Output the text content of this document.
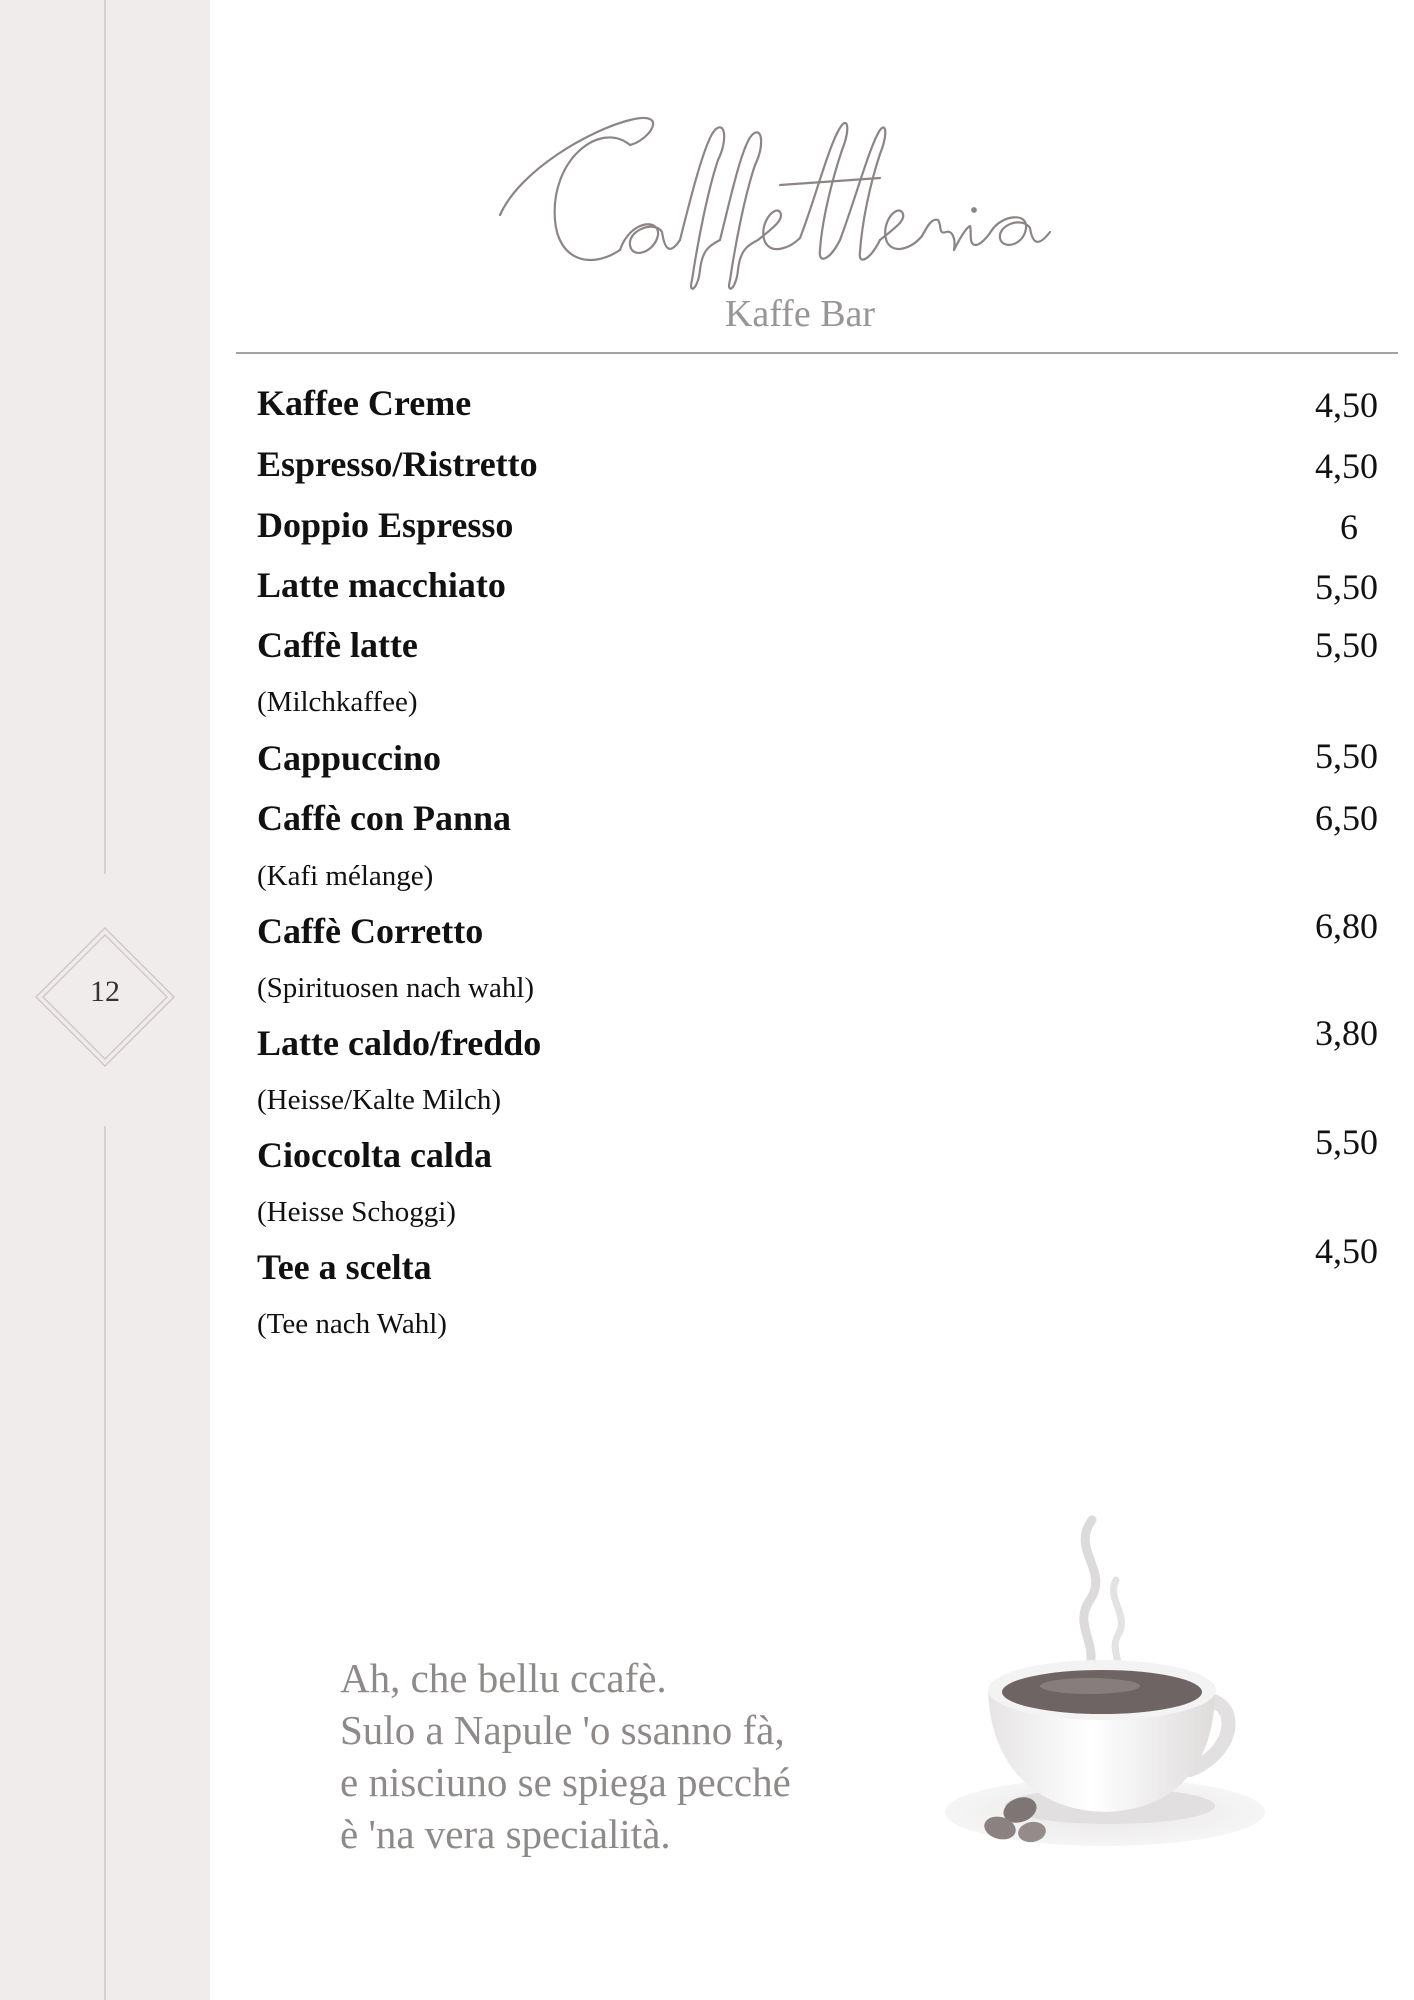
12
Kaffe Bar
Kaffee Creme	4,50
Espresso/Ristretto	4,50
Doppio Espresso	6
Latte macchiato	5,50
Caffè latte	5,50
(Milchkaffee)
Cappuccino	5,50
Caffè con Panna	6,50
(Kafi mélange)
Caffè Corretto	6,80
(Spirituosen nach wahl)
Latte caldo/freddo	3,80
(Heisse/Kalte Milch)
Cioccolta calda	5,50
(Heisse Schoggi)
Tee a scelta	4,50
(Tee nach Wahl)
Ah, che bellu ccafè.
Sulo a Napule 'o ssanno fà,
e nisciuno se spiega pecché
è 'na vera specialità.
